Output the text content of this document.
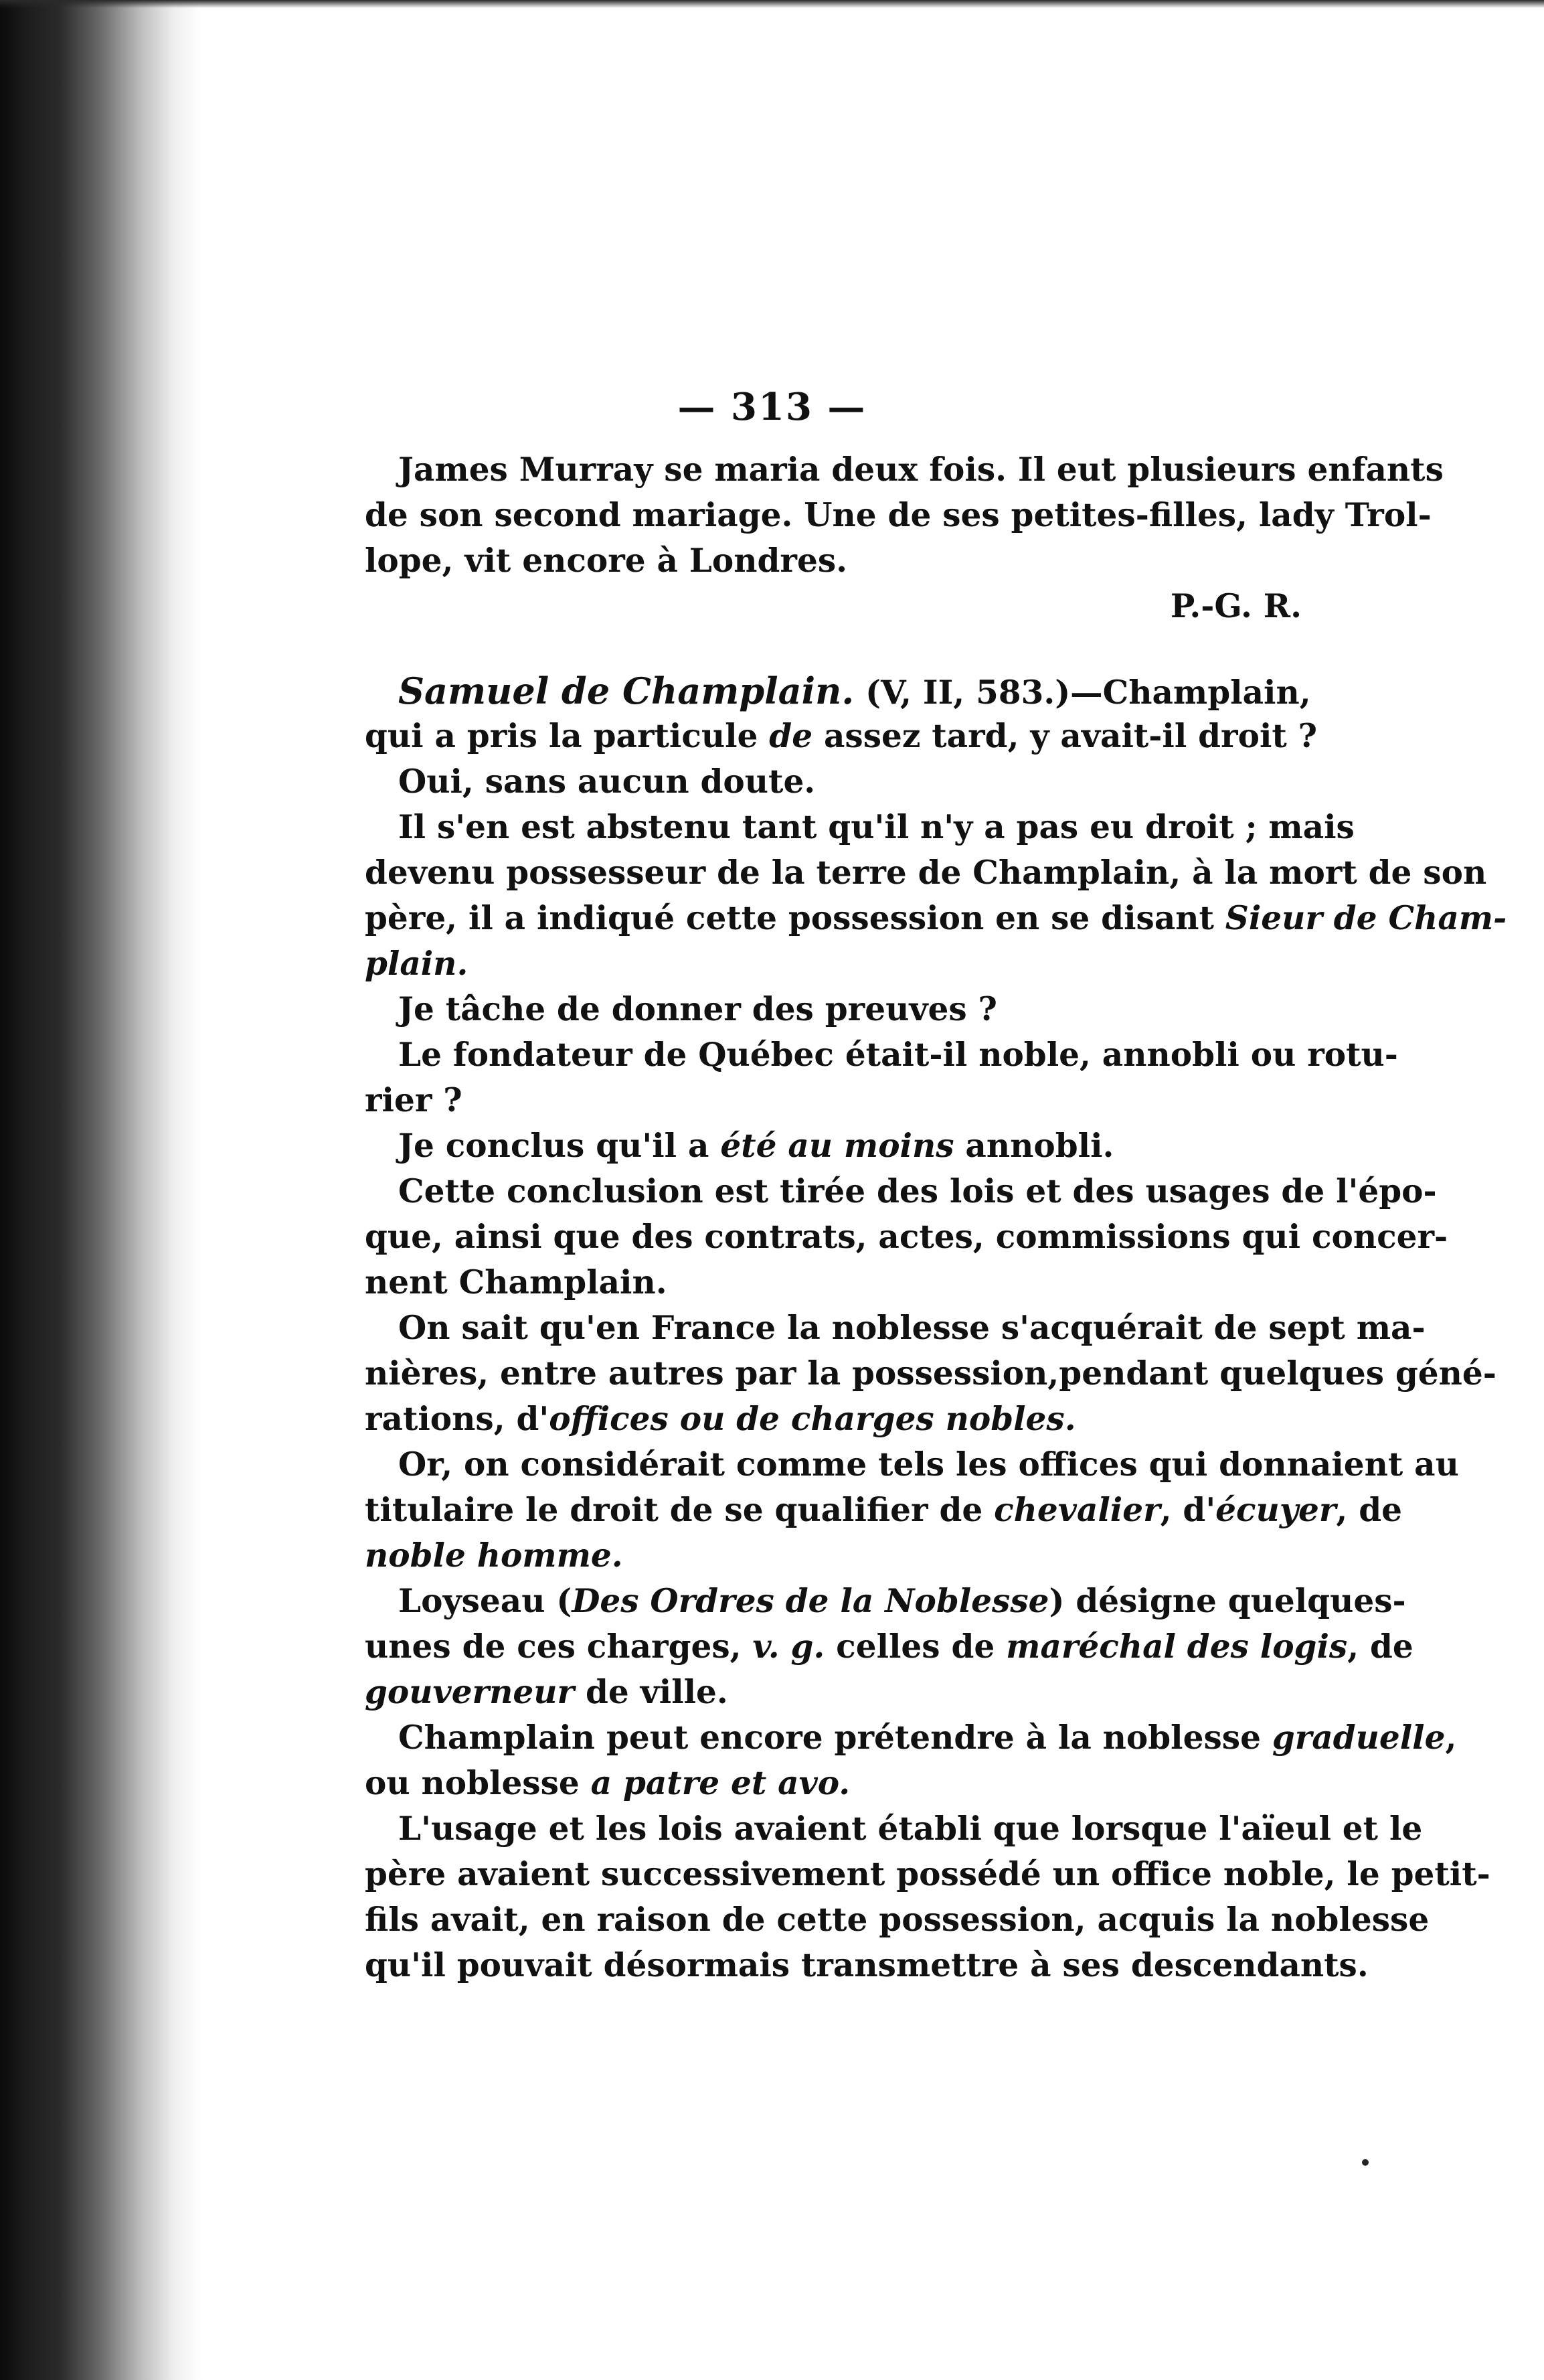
— 313 —
James Murray se maria deux fois. Il eut plusieurs enfants
de son second mariage. Une de ses petites-filles, lady Trol-
lope, vit encore à Londres.
P.-G. R.
Samuel de Champlain. (V, II, 583.)—Champlain,
qui a pris la particule de assez tard, y avait-il droit ?
Oui, sans aucun doute.
Il s'en est abstenu tant qu'il n'y a pas eu droit ; mais
devenu possesseur de la terre de Champlain, à la mort de son
père, il a indiqué cette possession en se disant Sieur de Cham-
plain.
Je tâche de donner des preuves ?
Le fondateur de Québec était-il noble, annobli ou rotu-
rier ?
Je conclus qu'il a été au moins annobli.
Cette conclusion est tirée des lois et des usages de l'épo-
que, ainsi que des contrats, actes, commissions qui concer-
nent Champlain.
On sait qu'en France la noblesse s'acquérait de sept ma-
nières, entre autres par la possession,pendant quelques géné-
rations, d'offices ou de charges nobles.
Or, on considérait comme tels les offices qui donnaient au
titulaire le droit de se qualifier de chevalier, d'écuyer, de
noble homme.
Loyseau (Des Ordres de la Noblesse) désigne quelques-
unes de ces charges, v. g. celles de maréchal des logis, de
gouverneur de ville.
Champlain peut encore prétendre à la noblesse graduelle,
ou noblesse a patre et avo.
L'usage et les lois avaient établi que lorsque l'aïeul et le
père avaient successivement possédé un office noble, le petit-
fils avait, en raison de cette possession, acquis la noblesse
qu'il pouvait désormais transmettre à ses descendants.
